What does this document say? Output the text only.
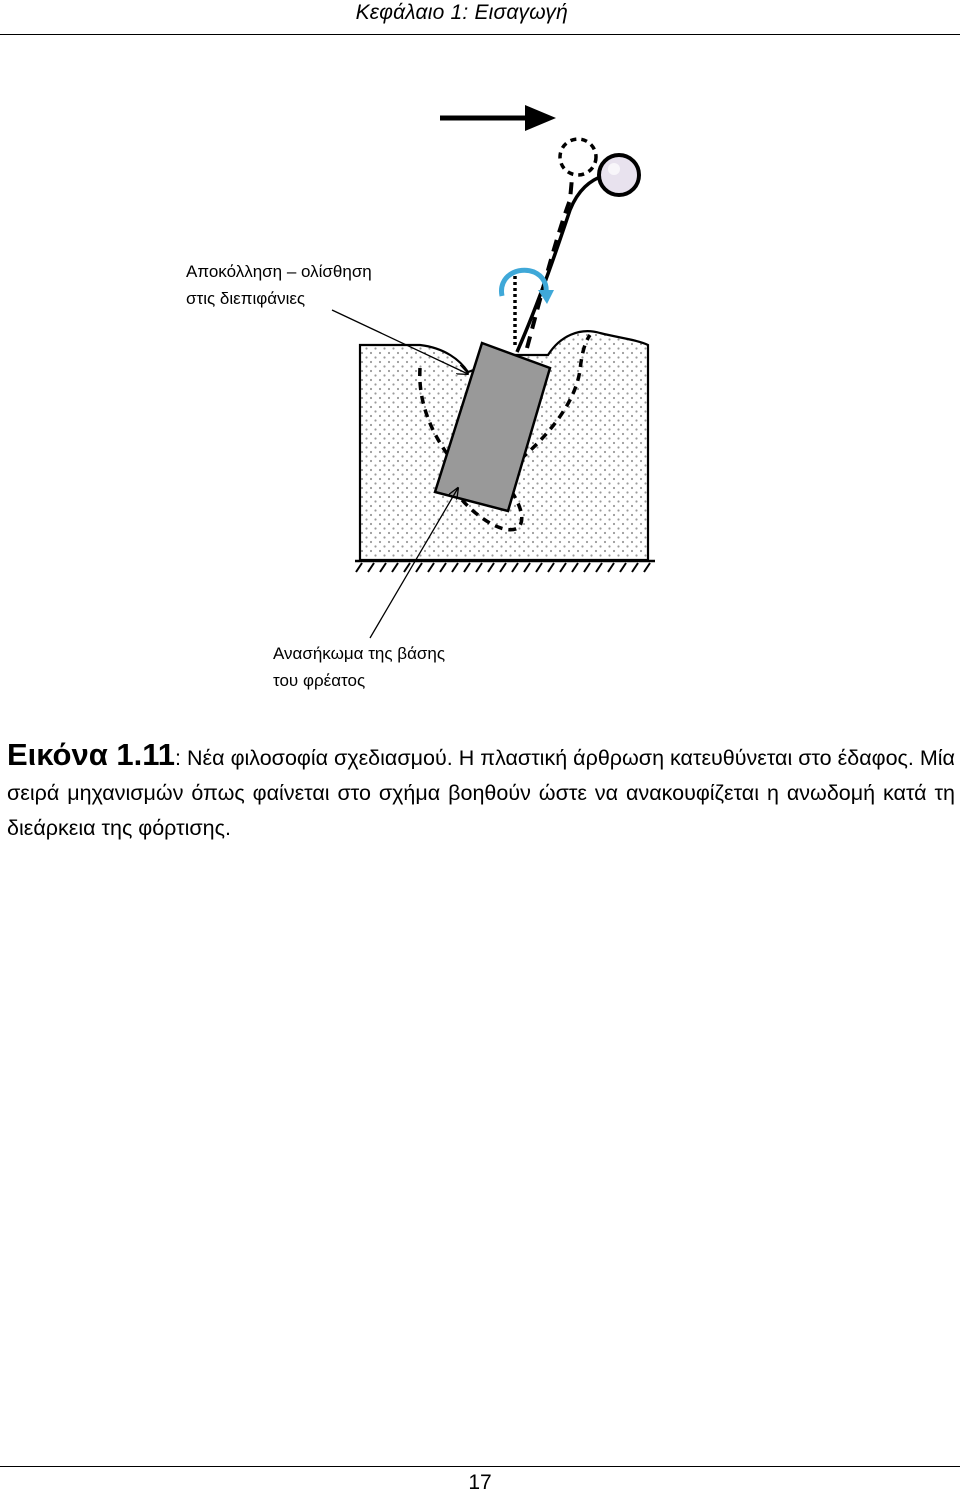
Κεφάλαιο 1: Εισαγωγή
Αποκόλληση – ολίσθηση
στις διεπιφάνιες
Ανασήκωμα της βάσης
του φρέατος
Εικόνα 1.11: Νέα φιλοσοφία σχεδιασμού. Η πλαστική άρθρωση κατευθύνεται στο έδαφος. Μία σειρά μηχανισμών όπως φαίνεται στο σχήμα βοηθούν ώστε να ανακουφίζεται η ανωδομή κατά τη διεάρκεια της φόρτισης.
17
